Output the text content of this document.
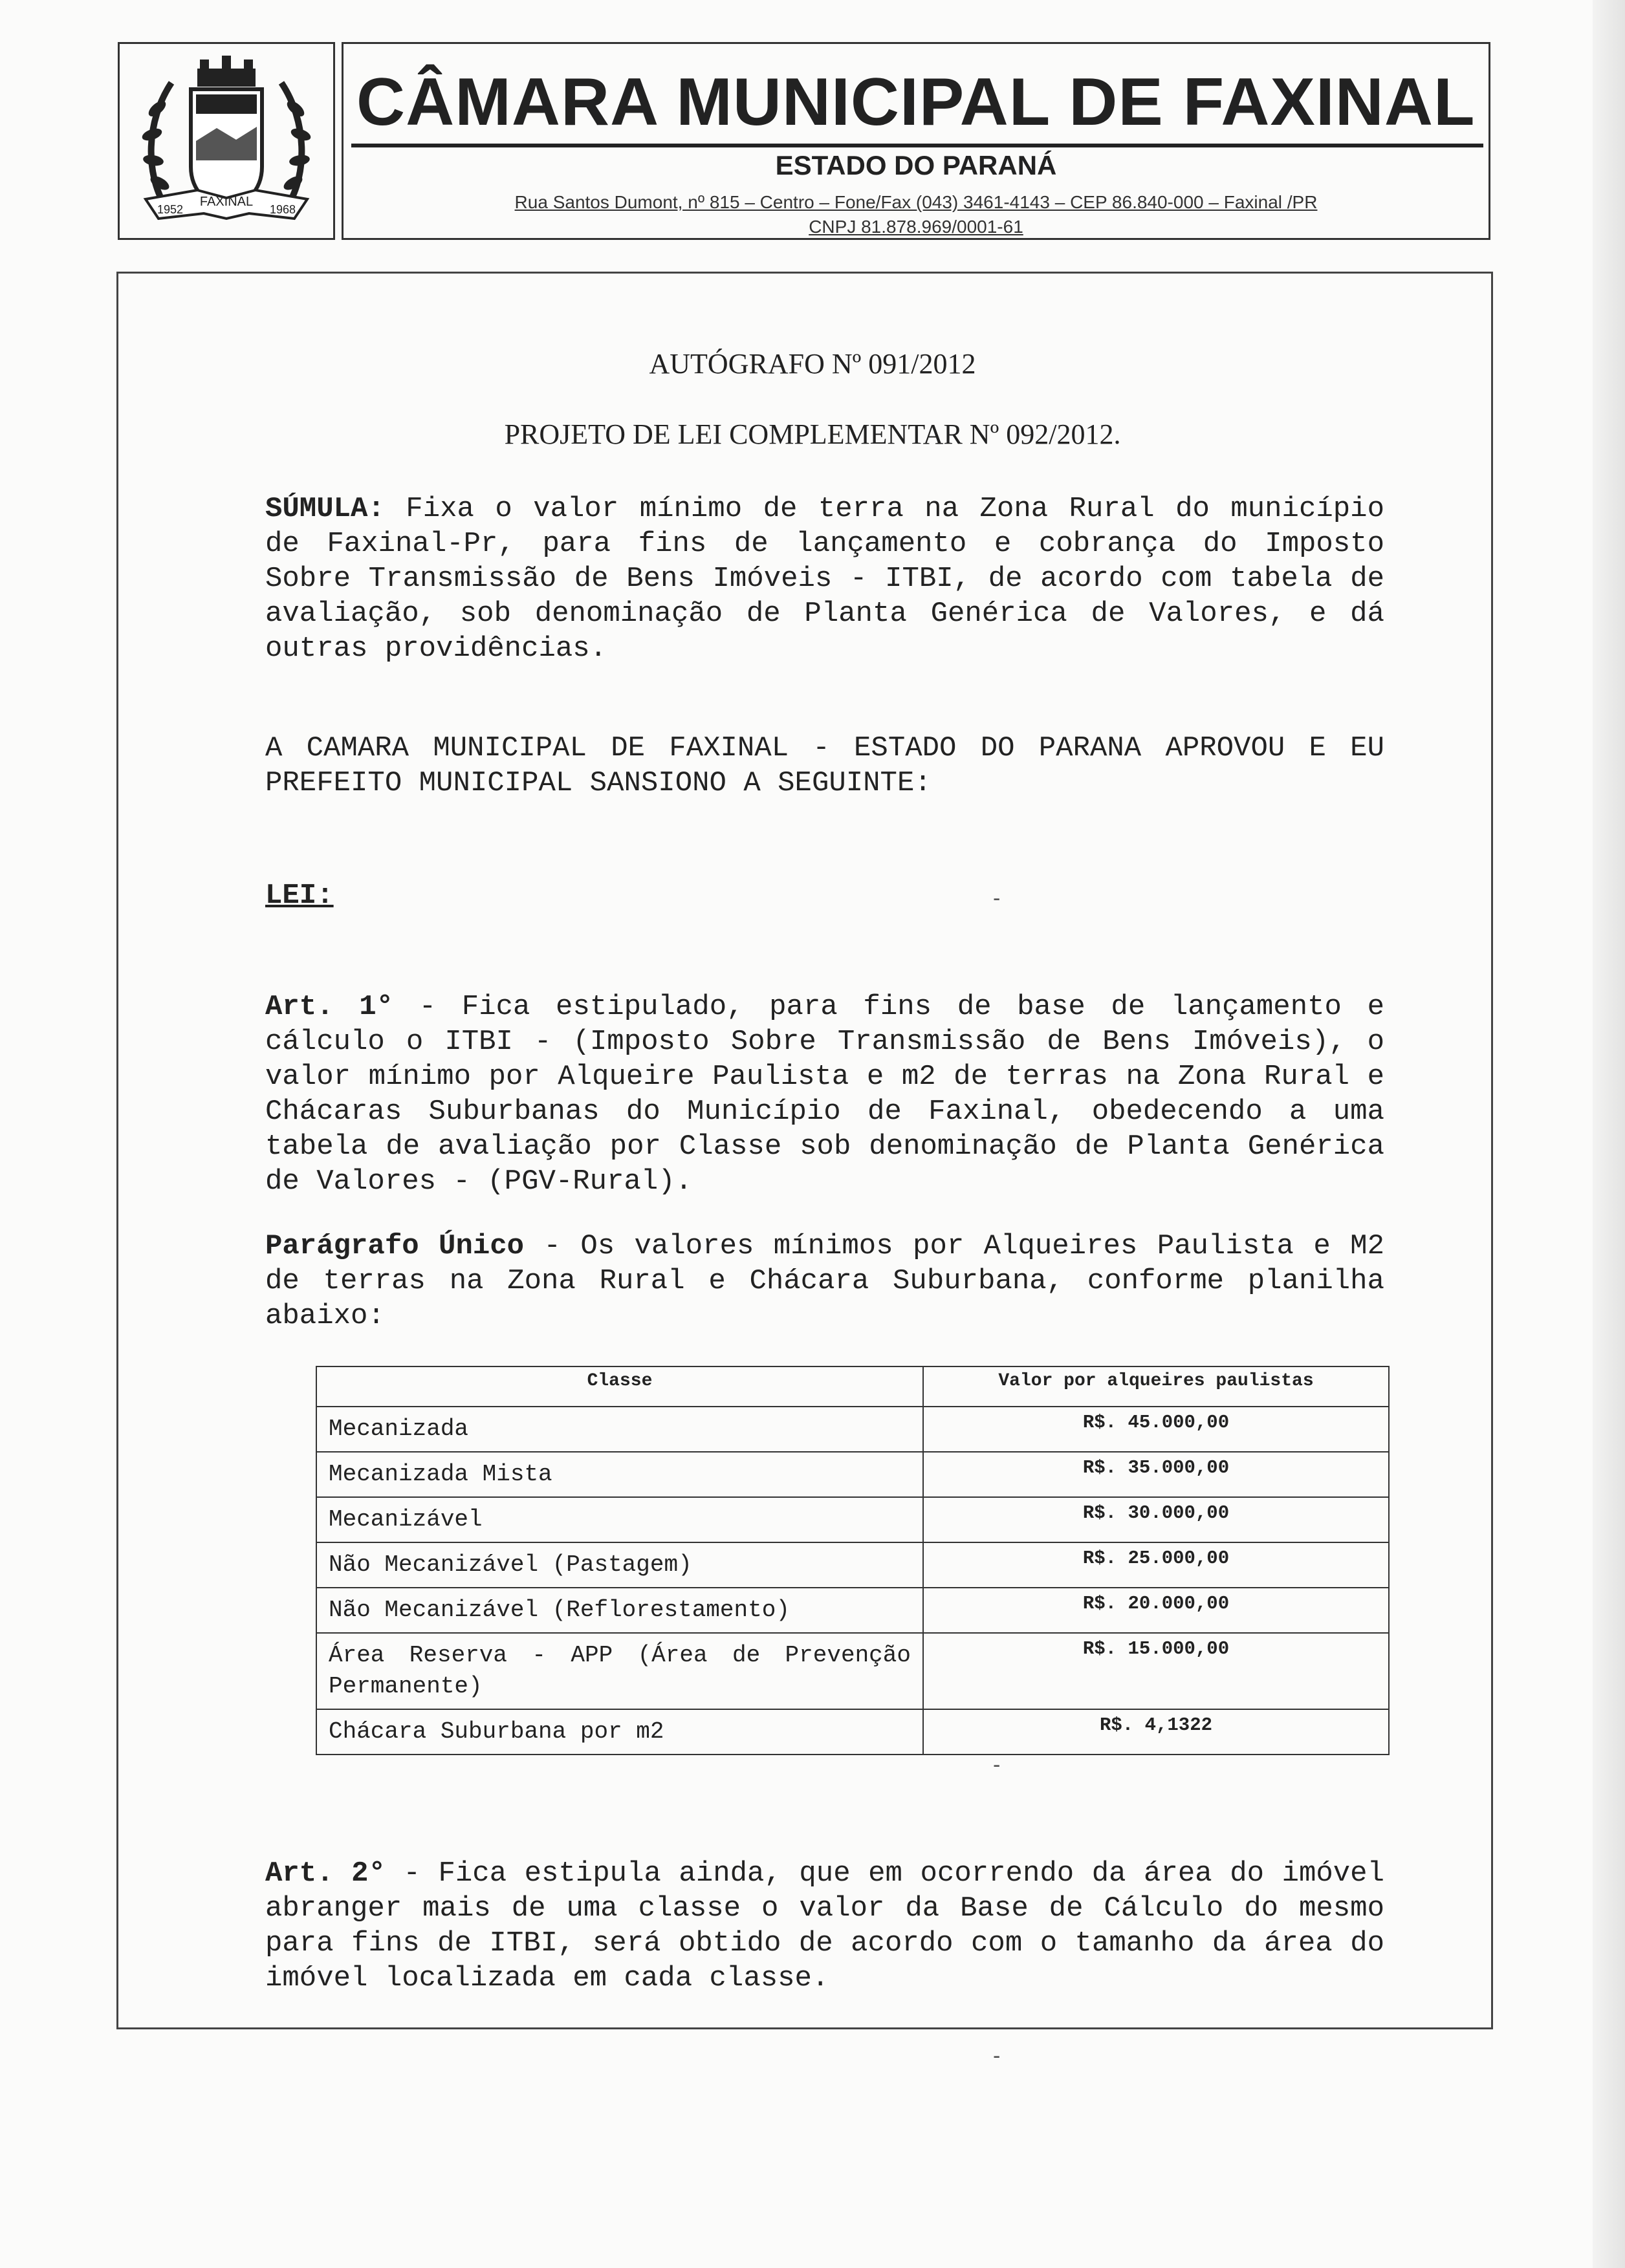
FAXINAL
1952	1968
CÂMARA MUNICIPAL DE FAXINAL
ESTADO DO PARANÁ
Rua Santos Dumont, nº 815 – Centro – Fone/Fax (043) 3461-4143 – CEP 86.840-000 – Faxinal /PR
CNPJ 81.878.969/0001-61
AUTÓGRAFO Nº 091/2012
PROJETO DE LEI COMPLEMENTAR Nº 092/2012.
SÚMULA: Fixa o valor mínimo de terra na Zona Rural do município de Faxinal-Pr, para fins de lançamento e cobrança do Imposto Sobre Transmissão de Bens Imóveis - ITBI, de acordo com tabela de avaliação, sob denominação de Planta Genérica de Valores, e dá outras providências.
A CAMARA MUNICIPAL DE FAXINAL - ESTADO DO PARANA APROVOU E EU PREFEITO MUNICIPAL SANSIONO A SEGUINTE:
LEI:
Art. 1° - Fica estipulado, para fins de base de lançamento e cálculo o ITBI - (Imposto Sobre Transmissão de Bens Imóveis), o valor mínimo por Alqueire Paulista e m2 de terras na Zona Rural e Chácaras Suburbanas do Município de Faxinal, obedecendo a uma tabela de avaliação por Classe sob denominação de Planta Genérica de Valores - (PGV-Rural).
Parágrafo Único - Os valores mínimos por Alqueires Paulista e M2 de terras na Zona Rural e Chácara Suburbana, conforme planilha abaixo:
Classe	Valor por alqueires paulistas
Mecanizada	R$. 45.000,00
Mecanizada Mista	R$. 35.000,00
Mecanizável	R$. 30.000,00
Não Mecanizável (Pastagem)	R$. 25.000,00
Não Mecanizável (Reflorestamento)	R$. 20.000,00
Área Reserva - APP (Área de Prevenção Permanente)	R$. 15.000,00
Chácara Suburbana por m2	R$. 4,1322
Art. 2° - Fica estipula ainda, que em ocorrendo da área do imóvel abranger mais de uma classe o valor da Base de Cálculo do mesmo para fins de ITBI, será obtido de acordo com o tamanho da área do imóvel localizada em cada classe.
-
-
-
